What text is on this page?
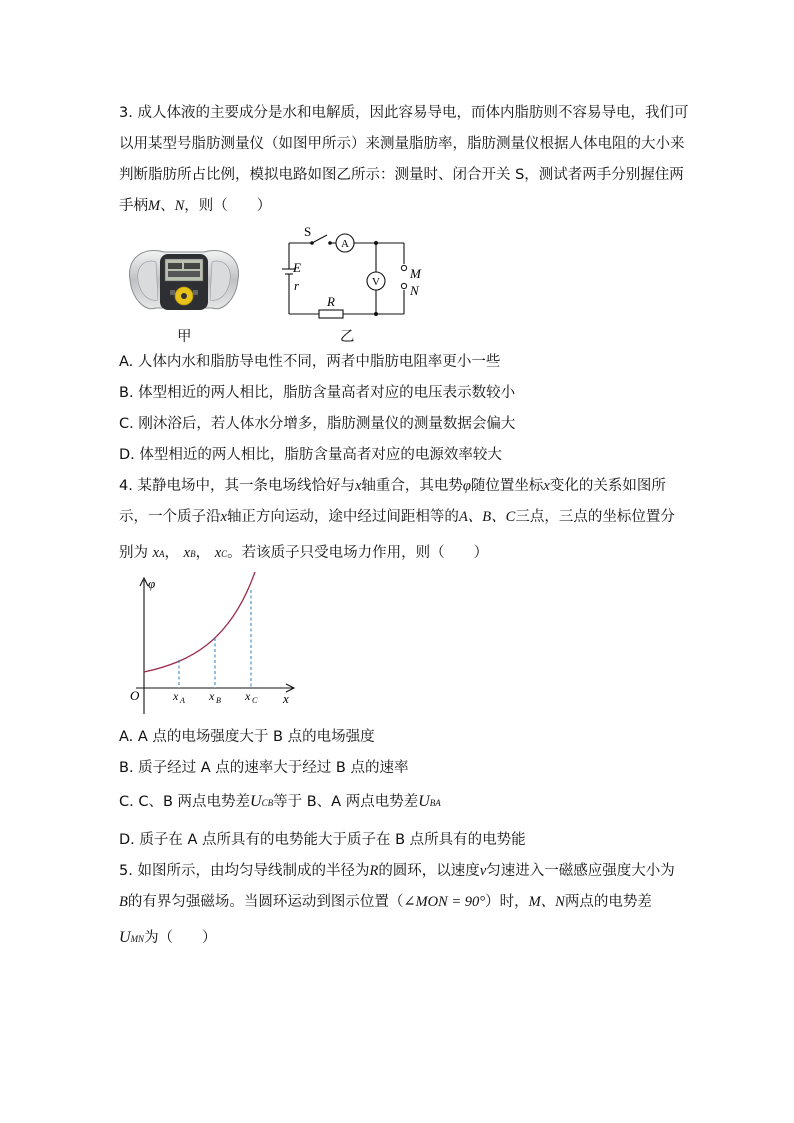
3. 成人体液的主要成分是水和电解质，因此容易导电，而体内脂肪则不容易导电，我们可
以用某型号脂肪测量仪（如图甲所示）来测量脂肪率，脂肪测量仪根据人体电阻的大小来
判断脂肪所占比例，模拟电路如图乙所示：测量时、闭合开关 S，测试者两手分别握住两
手柄M、N，则（　　）
甲
S
A
V
E
r
R
M
N
乙
A. 人体内水和脂肪导电性不同，两者中脂肪电阻率更小一些
B. 体型相近的两人相比，脂肪含量高者对应的电压表示数较小
C. 刚沐浴后，若人体水分增多，脂肪测量仪的测量数据会偏大
D. 体型相近的两人相比，脂肪含量高者对应的电源效率较大
4. 某静电场中，其一条电场线恰好与x轴重合，其电势φ随位置坐标x变化的关系如图所
示，一个质子沿x轴正方向运动，途中经过间距相等的A、B、C三点，三点的坐标位置分
别为 xA， xB， xC。若该质子只受电场力作用，则（　　）
φ
O	x
x A x B x C
A. A 点的电场强度大于 B 点的电场强度
B. 质子经过 A 点的速率大于经过 B 点的速率
C. C、B 两点电势差UCB等于 B、A 两点电势差UBA
D. 质子在 A 点所具有的电势能大于质子在 B 点所具有的电势能
5. 如图所示，由均匀导线制成的半径为R的圆环，以速度v匀速进入一磁感应强度大小为
B的有界匀强磁场。当圆环运动到图示位置（∠MON = 90°）时，M、N两点的电势差
UMN为（　　）
